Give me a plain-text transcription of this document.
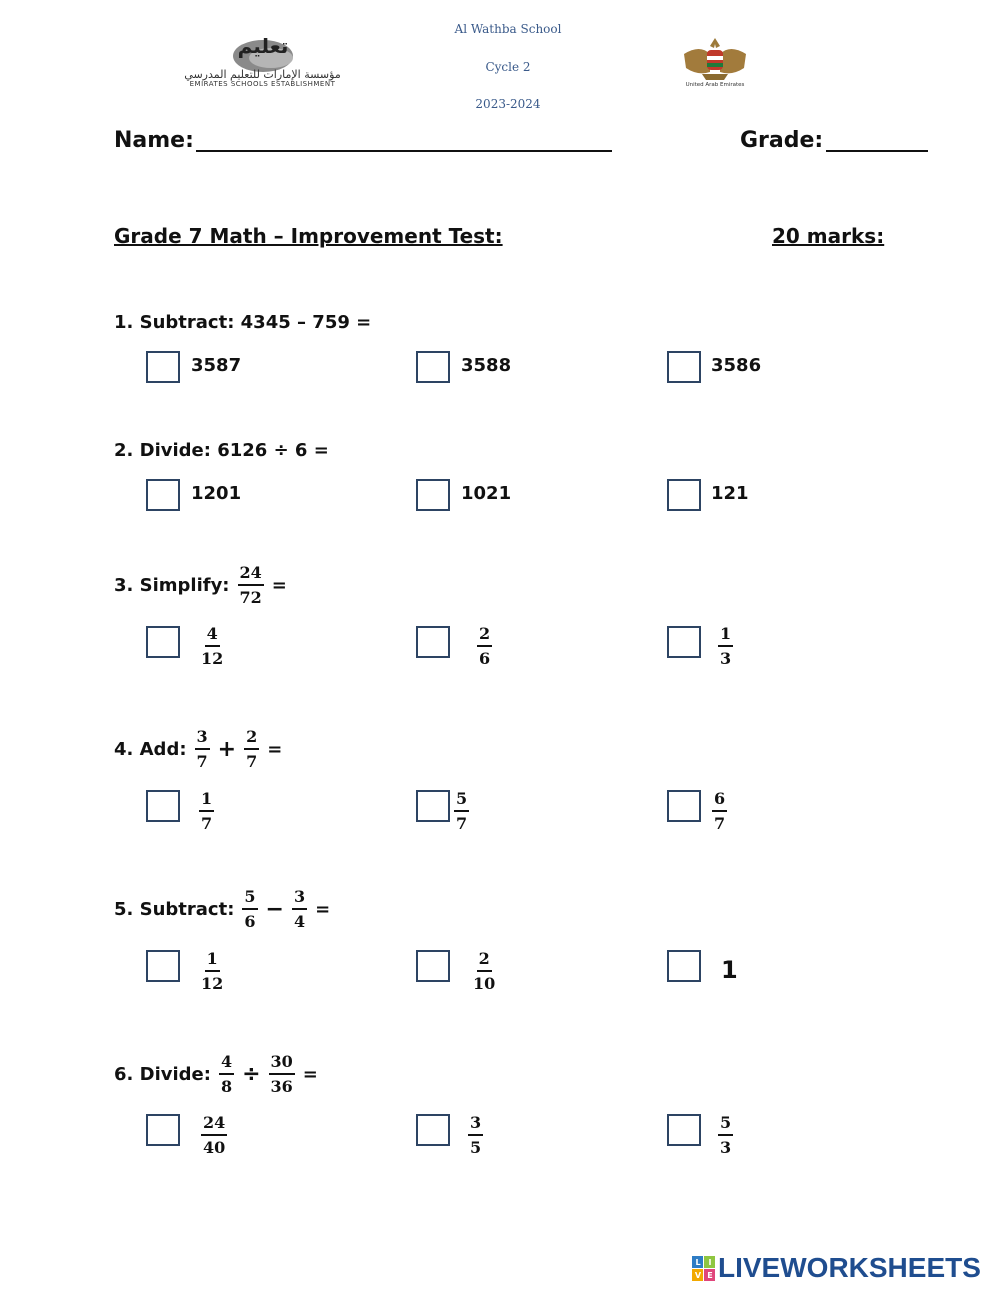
Al Wathba School
Cycle 2
2023-2024
تعليم
مؤسسة الإمارات للتعليم المدرسي
EMIRATES SCHOOLS ESTABLISHMENT	United Arab Emirates
Name:	Grade:
Grade 7 Math – Improvement Test:	20 marks:
1. Subtract: 4345 – 759 =
3587	3588	3586
2. Divide: 6126 ÷ 6 =
1201	1021	121
3. Simplify: $\frac{24}{72}$ =
$\frac{4}{12}$	$\frac{2}{6}$	$\frac{1}{3}$
4. Add: $\frac{3}{7} + \frac{2}{7}$ =
$\frac{1}{7}$	$\frac{5}{7}$	$\frac{6}{7}$
5. Subtract: $\frac{5}{6} - \frac{3}{4}$ =
$\frac{1}{12}$	$\frac{2}{10}$	1
6. Divide: $\frac{4}{8} \div \frac{30}{36}$ =
$\frac{24}{40}$	$\frac{3}{5}$	$\frac{5}{3}$
L I
V E LIVEWORKSHEETS
